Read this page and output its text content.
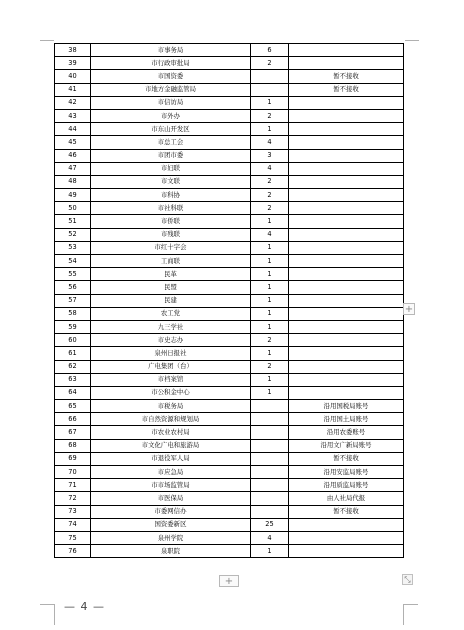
38	市事务局	6	
39	市行政审批局	2	
40	市国资委		暂不接收
41	市地方金融监管局		暂不接收
42	市信访局	1	
43	市外办	2	
44	市东山开发区	1	
45	市总工会	4	
46	市团市委	3	
47	市妇联	4	
48	市文联	2	
49	市科协	2	
50	市社科联	2	
51	市侨联	1	
52	市残联	4	
53	市红十字会	1	
54	工商联	1	
55	民革	1	
56	民盟	1	
57	民建	1	
58	农工党	1	
59	九三学社	1	
60	市史志办	2	
61	泉州日报社	1	
62	广电集团（台）	2	
63	市档案馆	1	
64	市公积金中心	1	
65	市税务局		沿用国税局账号
66	市自然资源和规划局		沿用国土局账号
67	市农业农村局		沿用农委账号
68	市文化广电和旅游局		沿用文广新局账号
69	市退役军人局		暂不接收
70	市应急局		沿用安监局账号
71	市市场监管局		沿用质监局账号
72	市医保局		由人社局代报
73	市委网信办		暂不接收
74	国资委新区	25	
75	泉州学院	4	
76	泉职院	1	
+
+	⤡
— 4 —
